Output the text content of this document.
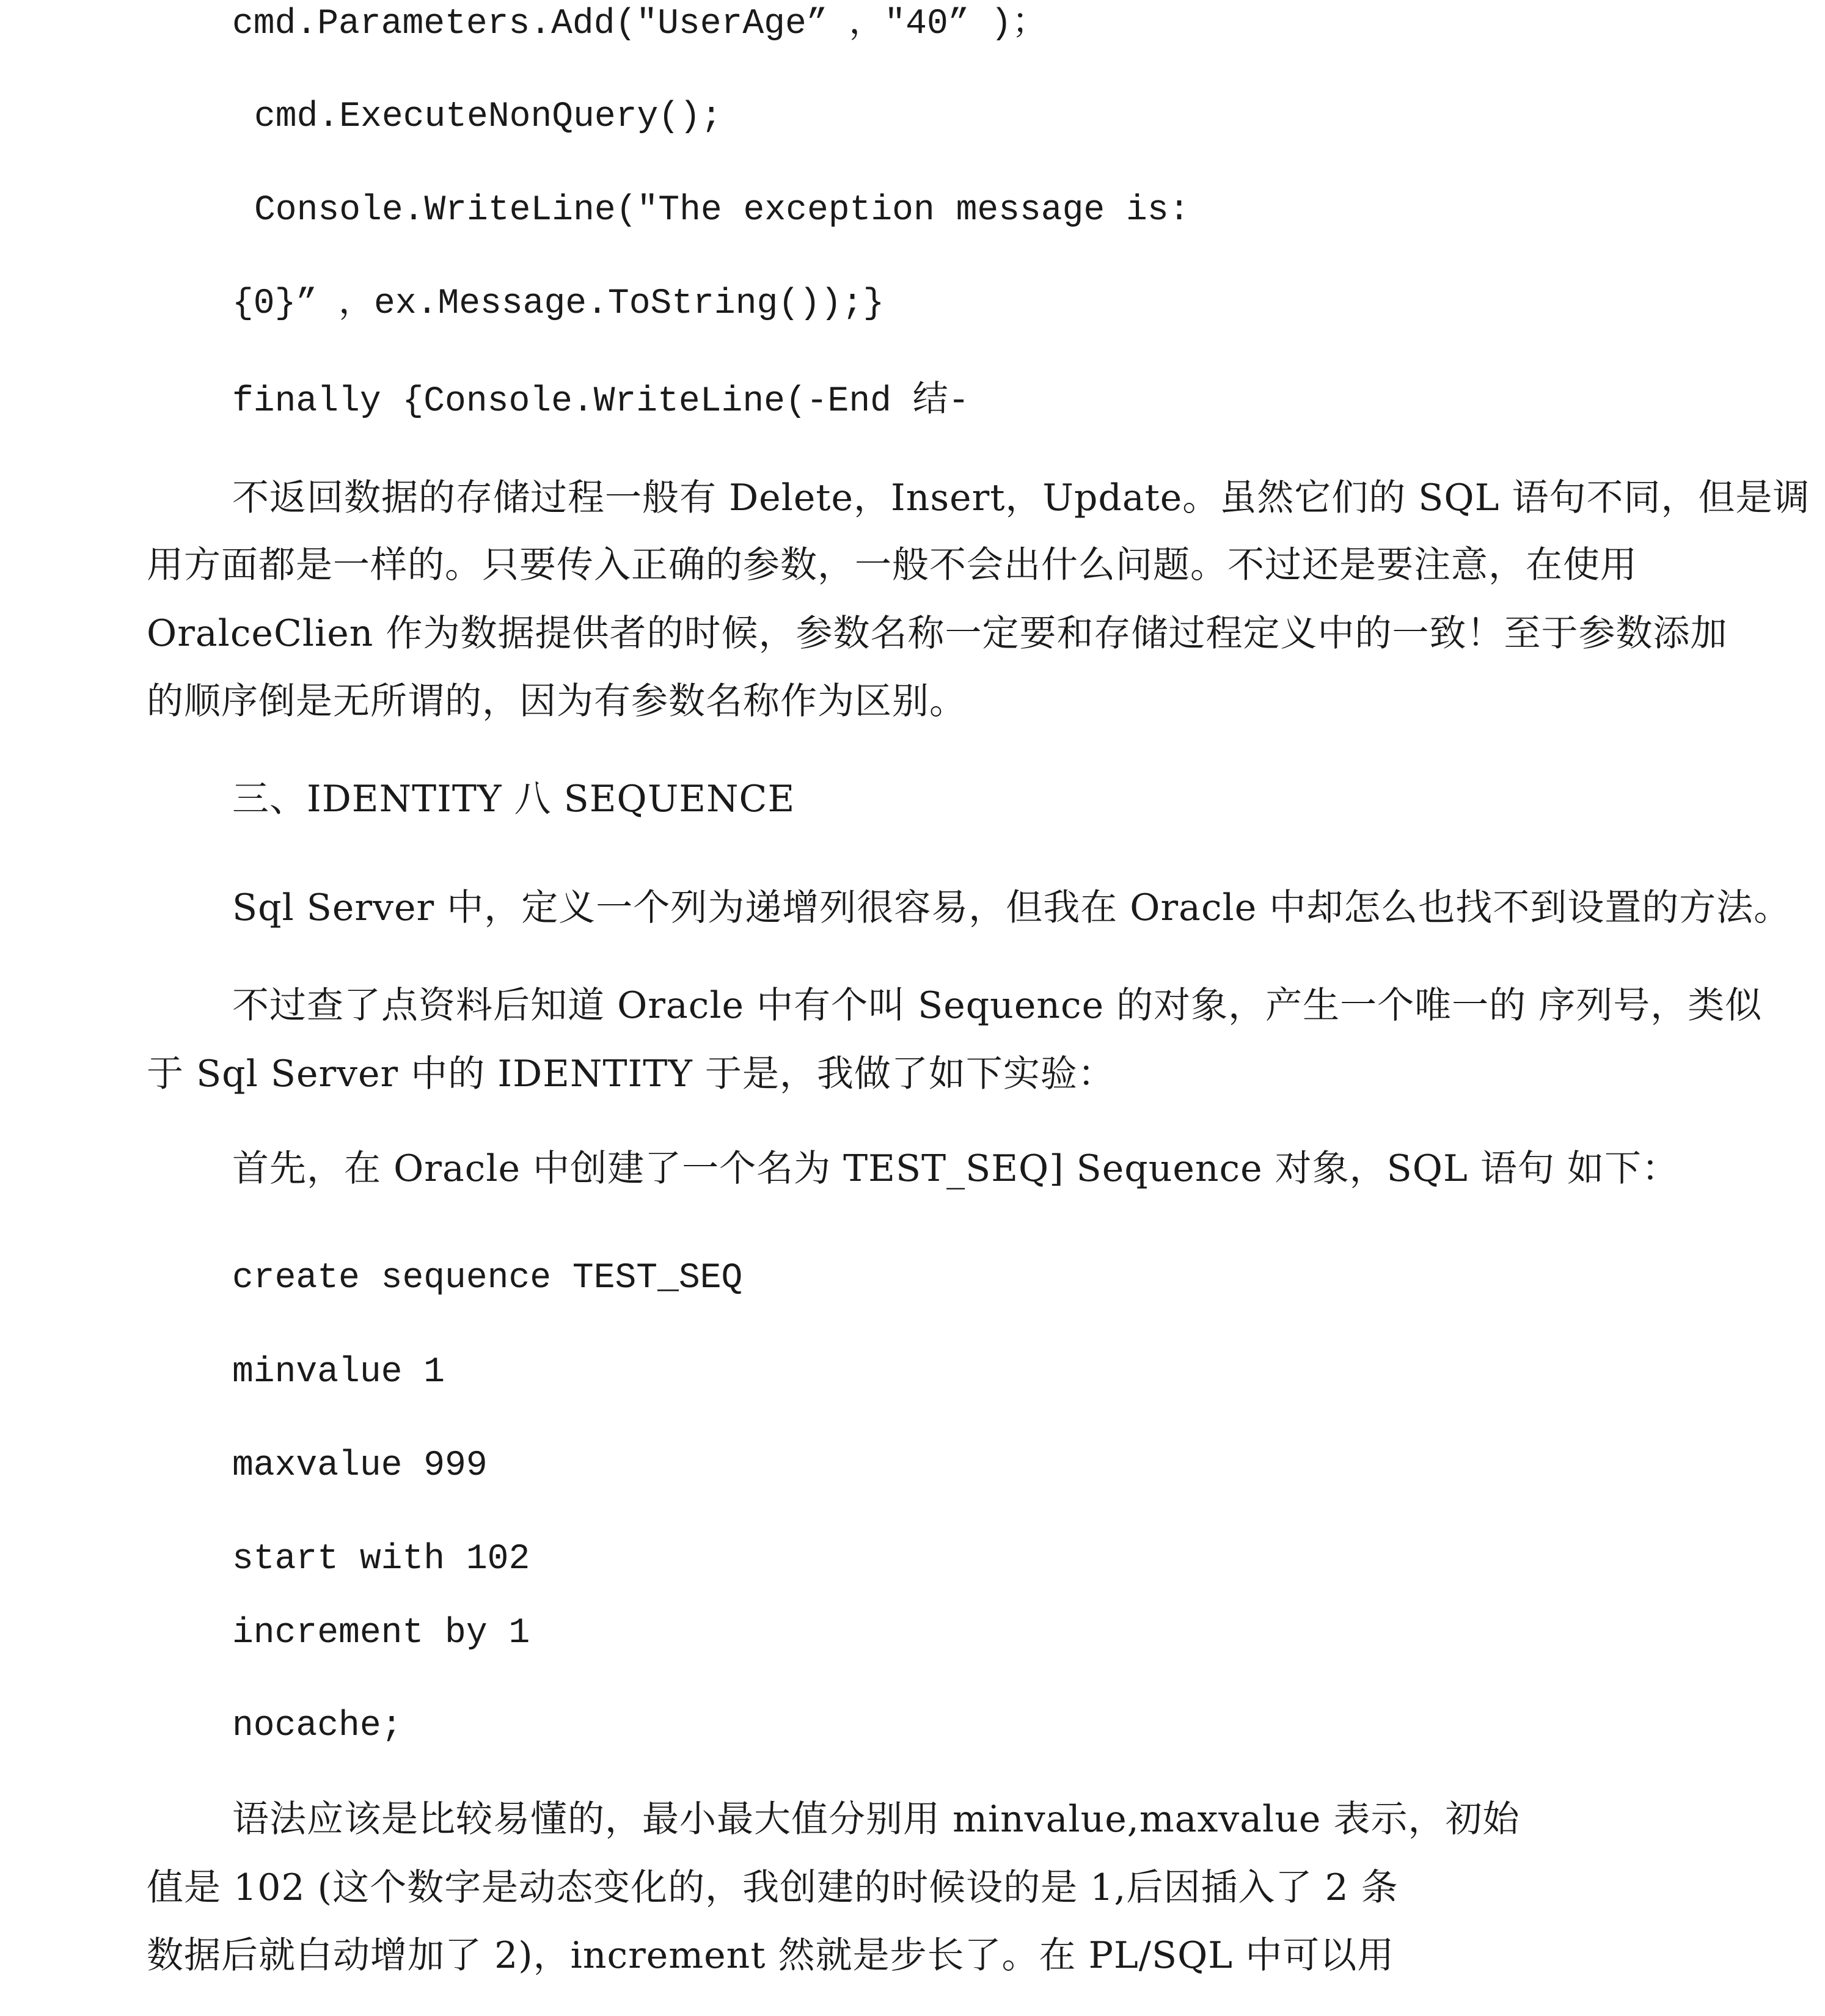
cmd.Parameters.Add("UserAge” ，"40” )；
cmd.ExecuteNonQuery();
Console.WriteLine("The exception message is:
{0}” ，ex.Message.ToString());}
finally {Console.WriteLine(-End 结-
不返回数据的存储过程一般有 Delete，Insert，Update。虽然它们的 SQL 语句不同，但是调
用方面都是一样的。只要传入正确的参数，一般不会出什么问题。不过还是要注意，在使用
OralceClien 作为数据提供者的时候，参数名称一定要和存储过程定义中的一致！至于参数添加
的顺序倒是无所谓的，因为有参数名称作为区别。
三、IDENTITY 八 SEQUENCE
Sql Server 中，定义一个列为递增列很容易，但我在 Oracle 中却怎么也找不到设置的方法。
不过查了点资料后知道 Oracle 中有个叫 Sequence 的对象，产生一个唯一的 序列号，类似
于 Sql Server 中的 IDENTITY 于是，我做了如下实验：
首先，在 Oracle 中创建了一个名为 TEST_SEQ] Sequence 对象，SQL 语句 如下：
create sequence TEST_SEQ
minvalue 1
maxvalue 999
start with 102
increment by 1
nocache;
语法应该是比较易懂的，最小最大值分别用 minvalue,maxvalue 表示，初始
值是 102 (这个数字是动态变化的，我创建的时候设的是 1,后因插入了 2 条
数据后就白动增加了 2)，increment 然就是步长了。在 PL/SQL 中可以用
